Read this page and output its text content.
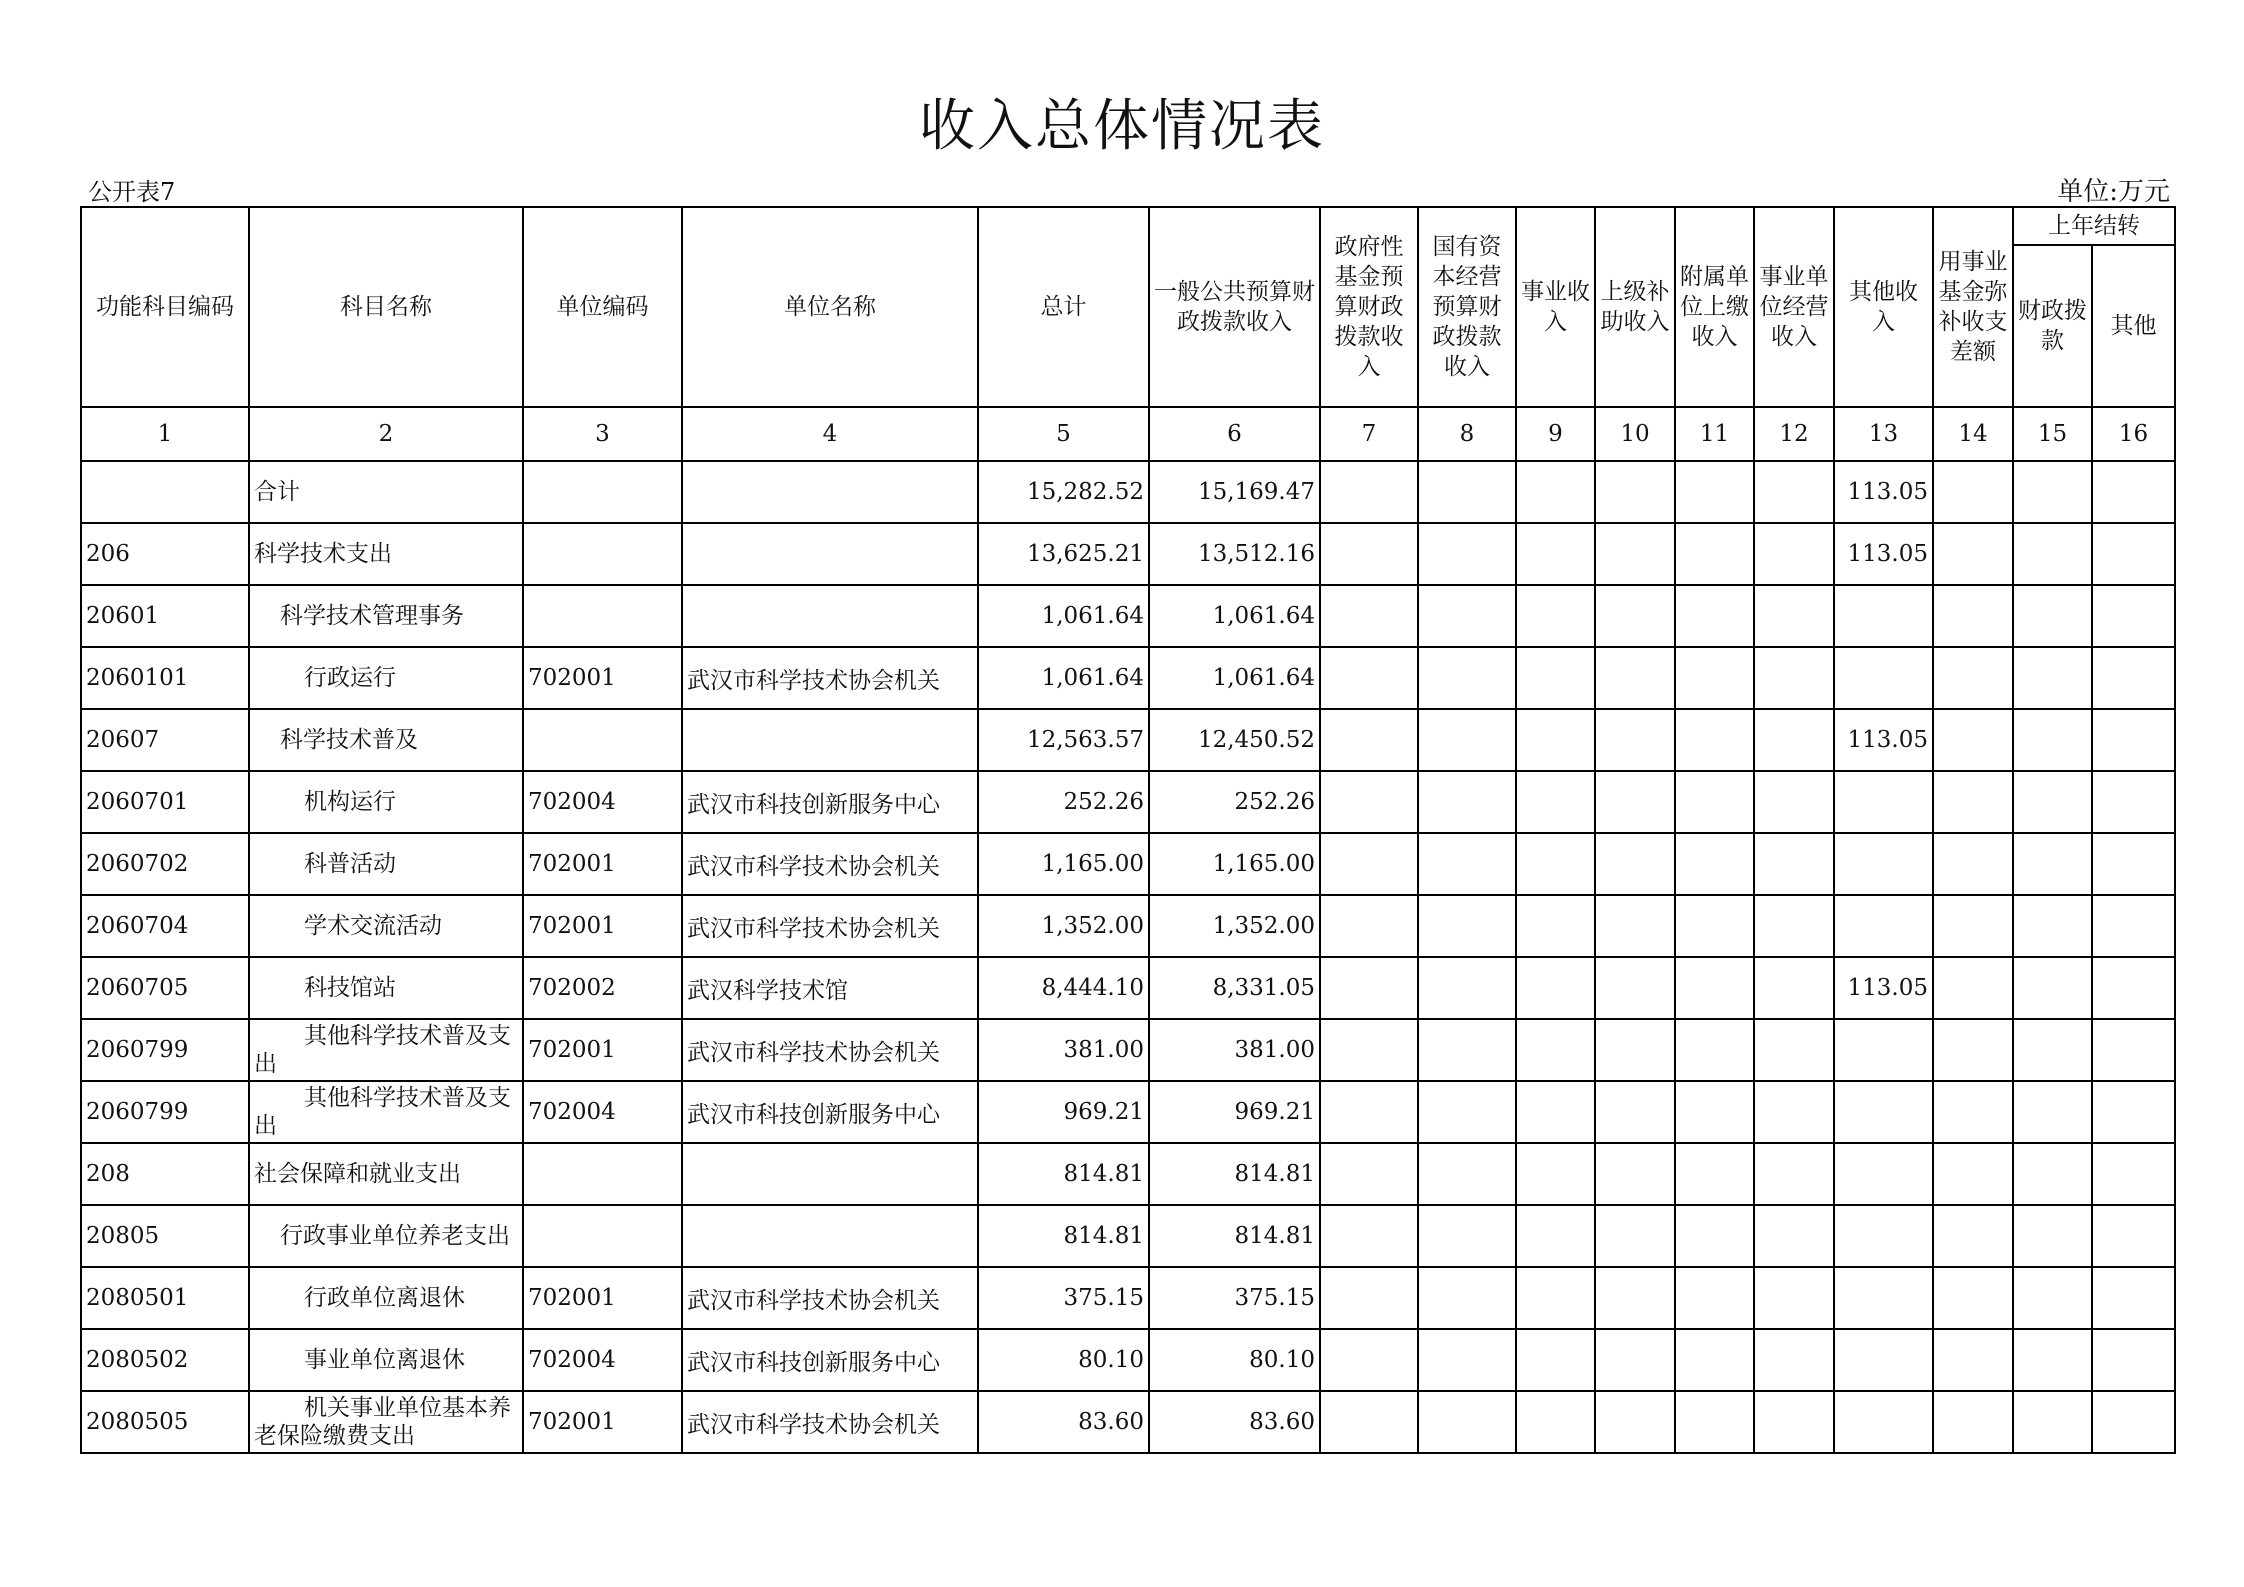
收入总体情况表
公开表7	单位:万元
功能科目编码	科目名称	单位编码	单位名称	总计	一般公共预算财政拨款收入	政府性基金预算财政拨款收入	国有资本经营预算财政拨款收入	事业收入	上级补助收入	附属单位上缴收入	事业单位经营收入	其他收入	用事业基金弥补收支差额	上年结转	
														财政拨款	其他
1	2	3	4	5	6	7	8	9	10	11	12	13	14	15	16
	合计			15,282.52	15,169.47							113.05			
206	科学技术支出			13,625.21	13,512.16							113.05			
20601	科学技术管理事务			1,061.64	1,061.64										
2060101	行政运行	702001	武汉市科学技术协会机关	1,061.64	1,061.64										
20607	科学技术普及			12,563.57	12,450.52							113.05			
2060701	机构运行	702004	武汉市科技创新服务中心	252.26	252.26										
2060702	科普活动	702001	武汉市科学技术协会机关	1,165.00	1,165.00										
2060704	学术交流活动	702001	武汉市科学技术协会机关	1,352.00	1,352.00										
2060705	科技馆站	702002	武汉科学技术馆	8,444.10	8,331.05							113.05			
2060799	其他科学技术普及支出	702001	武汉市科学技术协会机关	381.00	381.00										
2060799	其他科学技术普及支出	702004	武汉市科技创新服务中心	969.21	969.21										
208	社会保障和就业支出			814.81	814.81										
20805	行政事业单位养老支出			814.81	814.81										
2080501	行政单位离退休	702001	武汉市科学技术协会机关	375.15	375.15										
2080502	事业单位离退休	702004	武汉市科技创新服务中心	80.10	80.10										
2080505	机关事业单位基本养老保险缴费支出	702001	武汉市科学技术协会机关	83.60	83.60										
